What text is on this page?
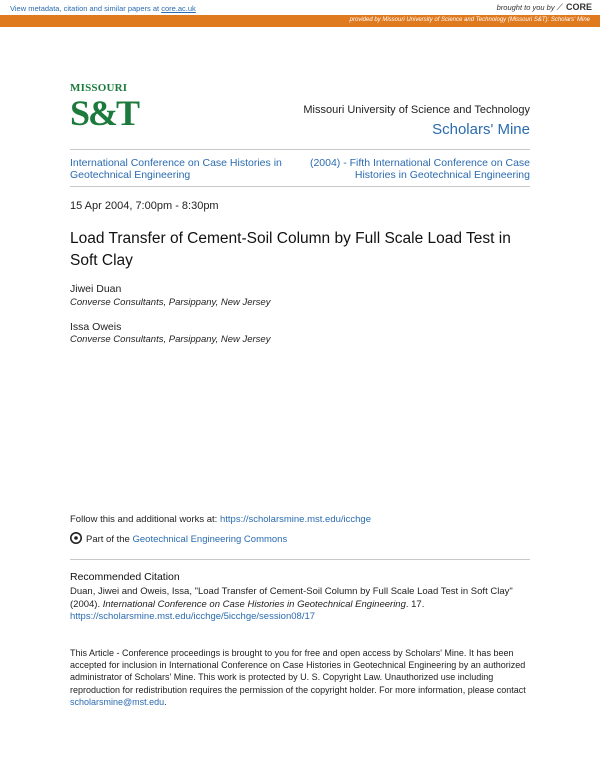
View metadata, citation and similar papers at core.ac.uk	brought to you by ⟋ CORE
provided by Missouri University of Science and Technology (Missouri S&T): Scholars' Mine
MISSOURI
S&T	Missouri University of Science and Technology
Scholars' Mine
International Conference on Case Histories in Geotechnical Engineering
(2004) - Fifth International Conference on Case Histories in Geotechnical Engineering
15 Apr 2004, 7:00pm - 8:30pm
Load Transfer of Cement-Soil Column by Full Scale Load Test in Soft Clay
Jiwei Duan
Converse Consultants, Parsippany, New Jersey
Issa Oweis
Converse Consultants, Parsippany, New Jersey
Follow this and additional works at: https://scholarsmine.mst.edu/icchge
Part of the Geotechnical Engineering Commons
Recommended Citation
Duan, Jiwei and Oweis, Issa, "Load Transfer of Cement-Soil Column by Full Scale Load Test in Soft Clay"
(2004). International Conference on Case Histories in Geotechnical Engineering. 17.
https://scholarsmine.mst.edu/icchge/5icchge/session08/17
This Article - Conference proceedings is brought to you for free and open access by Scholars' Mine. It has been accepted for inclusion in International Conference on Case Histories in Geotechnical Engineering by an authorized administrator of Scholars' Mine. This work is protected by U. S. Copyright Law. Unauthorized use including reproduction for redistribution requires the permission of the copyright holder. For more information, please contact scholarsmine@mst.edu.
